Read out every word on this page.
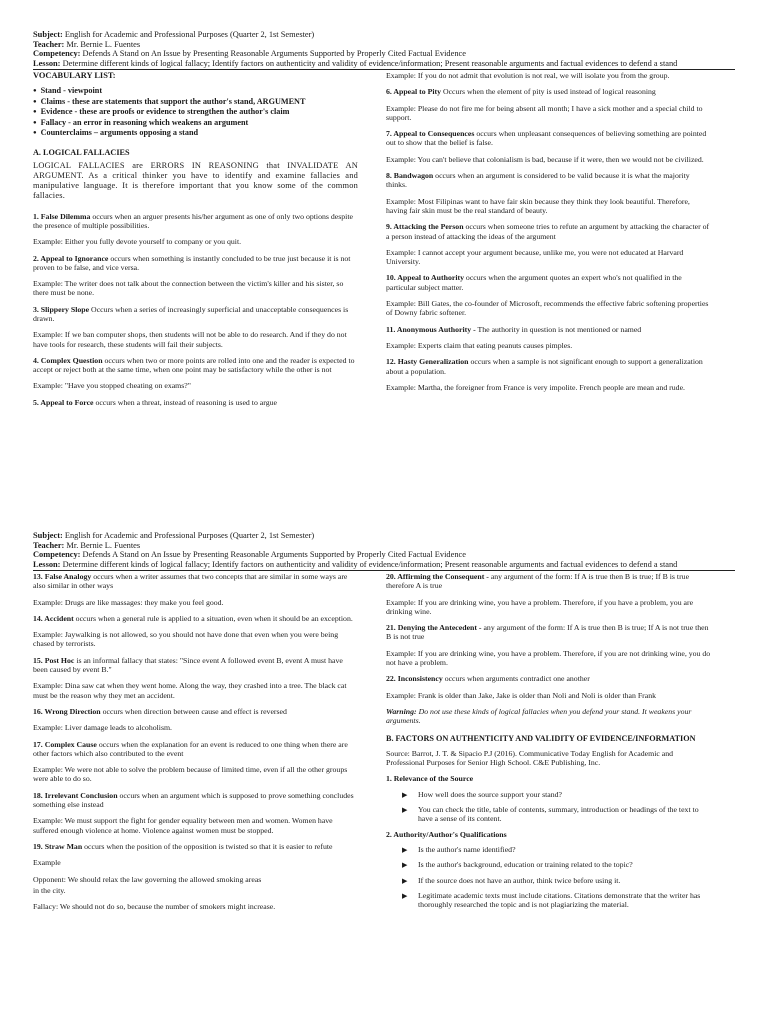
Subject: English for Academic and Professional Purposes (Quarter 2, 1st Semester)
Teacher: Mr. Bernie L. Fuentes
Competency: Defends A Stand on An Issue by Presenting Reasonable Arguments Supported by Properly Cited Factual Evidence
Lesson: Determine different kinds of logical fallacy; Identify factors on authenticity and validity of evidence/information; Present reasonable arguments and factual evidences to defend a stand
VOCABULARY LIST:
● Stand - viewpoint
● Claims - these are statements that support the author's stand, ARGUMENT
● Evidence - these are proofs or evidence to strengthen the author's claim
● Fallacy - an error in reasoning which weakens an argument
● Counterclaims – arguments opposing a stand
A. LOGICAL FALLACIES

LOGICAL FALLACIES are ERRORS IN REASONING that INVALIDATE AN ARGUMENT. As a critical thinker you have to identify and examine fallacies and manipulative language. It is therefore important that you know some of the common fallacies.

1. False Dilemma occurs when an arguer presents his/her argument as one of only two options despite the presence of multiple possibilities.

Example: Either you fully devote yourself to company or you quit.

2. Appeal to Ignorance occurs when something is instantly concluded to be true just because it is not proven to be false, and vice versa.

Example: The writer does not talk about the connection between the victim's killer and his sister, so there must be none.

3. Slippery Slope Occurs when a series of increasingly superficial and unacceptable consequences is drawn.

Example: If we ban computer shops, then students will not be able to do research. And if they do not have tools for research, these students will fail their subjects.

4. Complex Question occurs when two or more points are rolled into one and the reader is expected to accept or reject both at the same time, when one point may be satisfactory while the other is not

Example: "Have you stopped cheating on exams?"

5. Appeal to Force occurs when a threat, instead of reasoning is used to argue

Example: If you do not admit that evolution is not real, we will isolate you from the group.

6. Appeal to Pity Occurs when the element of pity is used instead of logical reasoning

Example: Please do not fire me for being absent all month; I have a sick mother and a special child to support.

7. Appeal to Consequences occurs when unpleasant consequences of believing something are pointed out to show that the belief is false.

Example: You can't believe that colonialism is bad, because if it were, then we would not be civilized.

8. Bandwagon occurs when an argument is considered to be valid because it is what the majority thinks.

Example: Most Filipinas want to have fair skin because they think they look beautiful. Therefore, having fair skin must be the real standard of beauty.

9. Attacking the Person occurs when someone tries to refute an argument by attacking the character of a person instead of attacking the ideas of the argument

Example: I cannot accept your argument because, unlike me, you were not educated at Harvard University.

10. Appeal to Authority occurs when the argument quotes an expert who's not qualified in the particular subject matter.

Example: Bill Gates, the co-founder of Microsoft, recommends the effective fabric softening properties of Downy fabric softener.

11. Anonymous Authority - The authority in question is not mentioned or named

Example: Experts claim that eating peanuts causes pimples.

12. Hasty Generalization occurs when a sample is not significant enough to support a generalization about a population.

Example: Martha, the foreigner from France is very impolite. French people are mean and rude.

Subject: English for Academic and Professional Purposes (Quarter 2, 1st Semester)
Teacher: Mr. Bernie L. Fuentes
Competency: Defends A Stand on An Issue by Presenting Reasonable Arguments Supported by Properly Cited Factual Evidence
Lesson: Determine different kinds of logical fallacy; Identify factors on authenticity and validity of evidence/information; Present reasonable arguments and factual evidences to defend a stand

13. False Analogy occurs when a writer assumes that two concepts that are similar in some ways are also similar in other ways

Example: Drugs are like massages: they make you feel good.

14. Accident occurs when a general rule is applied to a situation, even when it should be an exception.

Example: Jaywalking is not allowed, so you should not have done that even when you were being chased by terrorists.

15. Post Hoc is an informal fallacy that states: "Since event A followed event B, event A must have been caused by event B."

Example: Dina saw cat when they went home. Along the way, they crashed into a tree. The black cat must be the reason why they met an accident.

16. Wrong Direction occurs when direction between cause and effect is reversed

Example: Liver damage leads to alcoholism.

17. Complex Cause occurs when the explanation for an event is reduced to one thing when there are other factors which also contributed to the event

Example: We were not able to solve the problem because of limited time, even if all the other groups were able to do so.

18. Irrelevant Conclusion occurs when an argument which is supposed to prove something concludes something else instead

Example: We must support the fight for gender equality between men and women. Women have suffered enough violence at home. Violence against women must be stopped.

19. Straw Man occurs when the position of the opposition is twisted so that it is easier to refute

Example

Opponent: We should relax the law governing the allowed smoking areas

in the city.

Fallacy: We should not do so, because the number of smokers might increase.

20. Affirming the Consequent - any argument of the form: If A is true then B is true; If B is true therefore A is true

Example: If you are drinking wine, you have a problem. Therefore, if you have a problem, you are drinking wine.

21. Denying the Antecedent - any argument of the form: If A is true then B is true; If A is not true then B is not true

Example: If you are drinking wine, you have a problem. Therefore, if you are not drinking wine, you do not have a problem.

22. Inconsistency occurs when arguments contradict one another

Example: Frank is older than Jake, Jake is older than Noli and Noli is older than Frank

Warning: Do not use these kinds of logical fallacies when you defend your stand. It weakens your arguments.

B. FACTORS ON AUTHENTICITY AND VALIDITY OF EVIDENCE/INFORMATION

Source: Barrot, J. T. & Sipacio P.J (2016). Communicative Today English for Academic and Professional Purposes for Senior High School. C&E Publishing, Inc.

1. Relevance of the Source
▶ How well does the source support your stand?
▶ You can check the title, table of contents, summary, introduction or headings of the text to have a sense of its content.
2. Authority/Author's Qualifications
▶ Is the author's name identified?
▶ Is the author's background, education or training related to the topic?
▶ If the source does not have an author, think twice before using it.
▶ Legitimate academic texts must include citations. Citations demonstrate that the writer has thoroughly researched the topic and is not plagiarizing the material.
